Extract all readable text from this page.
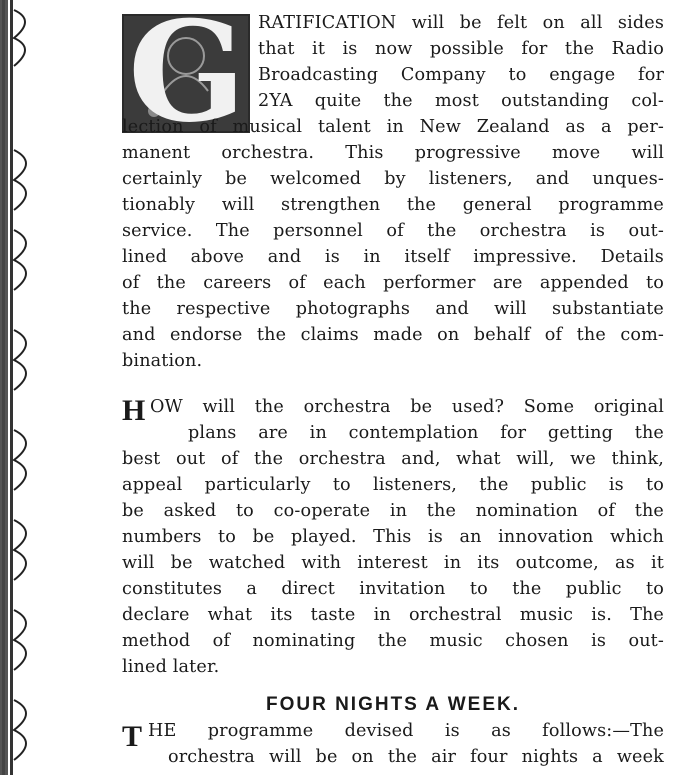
G RATIFICATION will be felt on all sides
that it is now possible for the Radio
Broadcasting Company to engage for
2YA quite the most outstanding col-
lection of musical talent in New Zealand as a per-
manent orchestra. This progressive move will
certainly be welcomed by listeners, and unques-
tionably will strengthen the general programme
service. The personnel of the orchestra is out-
lined above and is in itself impressive. Details
of the careers of each performer are appended to
the respective photographs and will substantiate
and endorse the claims made on behalf of the com-
bination.
H OW will the orchestra be used? Some original
plans are in contemplation for getting the
best out of the orchestra and, what will, we think,
appeal particularly to listeners, the public is to
be asked to co-operate in the nomination of the
numbers to be played. This is an innovation which
will be watched with interest in its outcome, as it
constitutes a direct invitation to the public to
declare what its taste in orchestral music is. The
method of nominating the music chosen is out-
lined later.
FOUR NIGHTS A WEEK.
T HE programme devised is as follows:—The
orchestra will be on the air four nights a week
